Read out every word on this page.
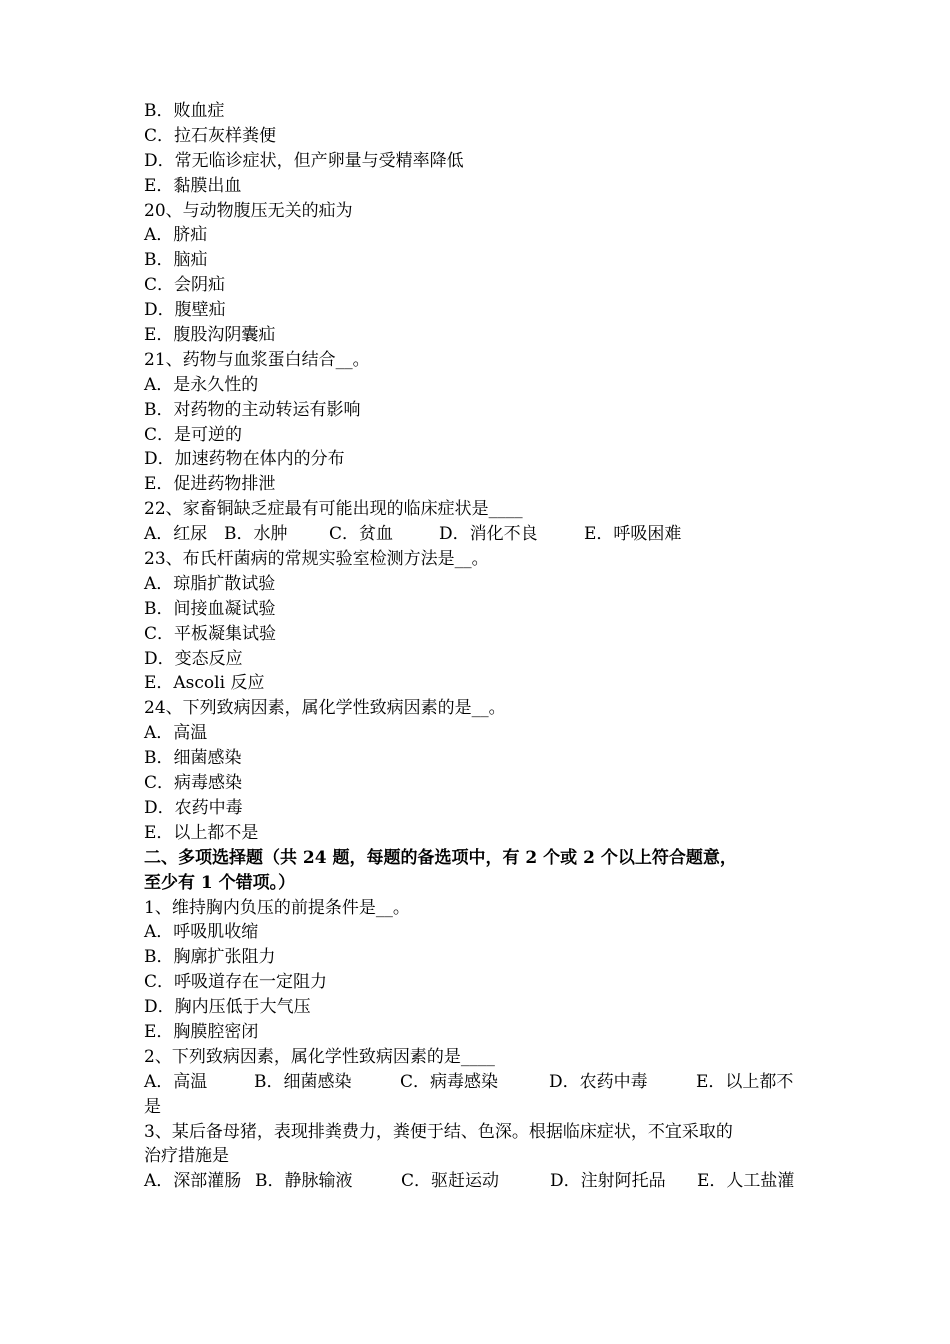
B．败血症
C．拉石灰样粪便
D．常无临诊症状，但产卵量与受精率降低
E．黏膜出血
20、与动物腹压无关的疝为
A．脐疝
B．脑疝
C．会阴疝
D．腹壁疝
E．腹股沟阴囊疝
21、药物与血浆蛋白结合__。
A．是永久性的
B．对药物的主动转运有影响
C．是可逆的
D．加速药物在体内的分布
E．促进药物排泄
22、家畜铜缺乏症最有可能出现的临床症状是____
A．红尿 B．水肿	C．贫血	D．消化不良	E．呼吸困难
23、布氏杆菌病的常规实验室检测方法是__。
A．琼脂扩散试验
B．间接血凝试验
C．平板凝集试验
D．变态反应
E．Ascoli 反应
24、下列致病因素，属化学性致病因素的是__。
A．高温
B．细菌感染
C．病毒感染
D．农药中毒
E．以上都不是
二、多项选择题（共 24 题，每题的备选项中，有 2 个或 2 个以上符合题意，
至少有 1 个错项。）
1、维持胸内负压的前提条件是__。
A．呼吸肌收缩
B．胸廓扩张阻力
C．呼吸道存在一定阻力
D．胸内压低于大气压
E．胸膜腔密闭
2、下列致病因素，属化学性致病因素的是____
A．高温	B．细菌感染	C．病毒感染	D．农药中毒	E．以上都不
是
3、某后备母猪，表现排粪费力，粪便于结、色深。根据临床症状，不宜采取的
治疗措施是
A．深部灌肠 B．静脉输液	C．驱赶运动	D．注射阿托品	E．人工盐灌
